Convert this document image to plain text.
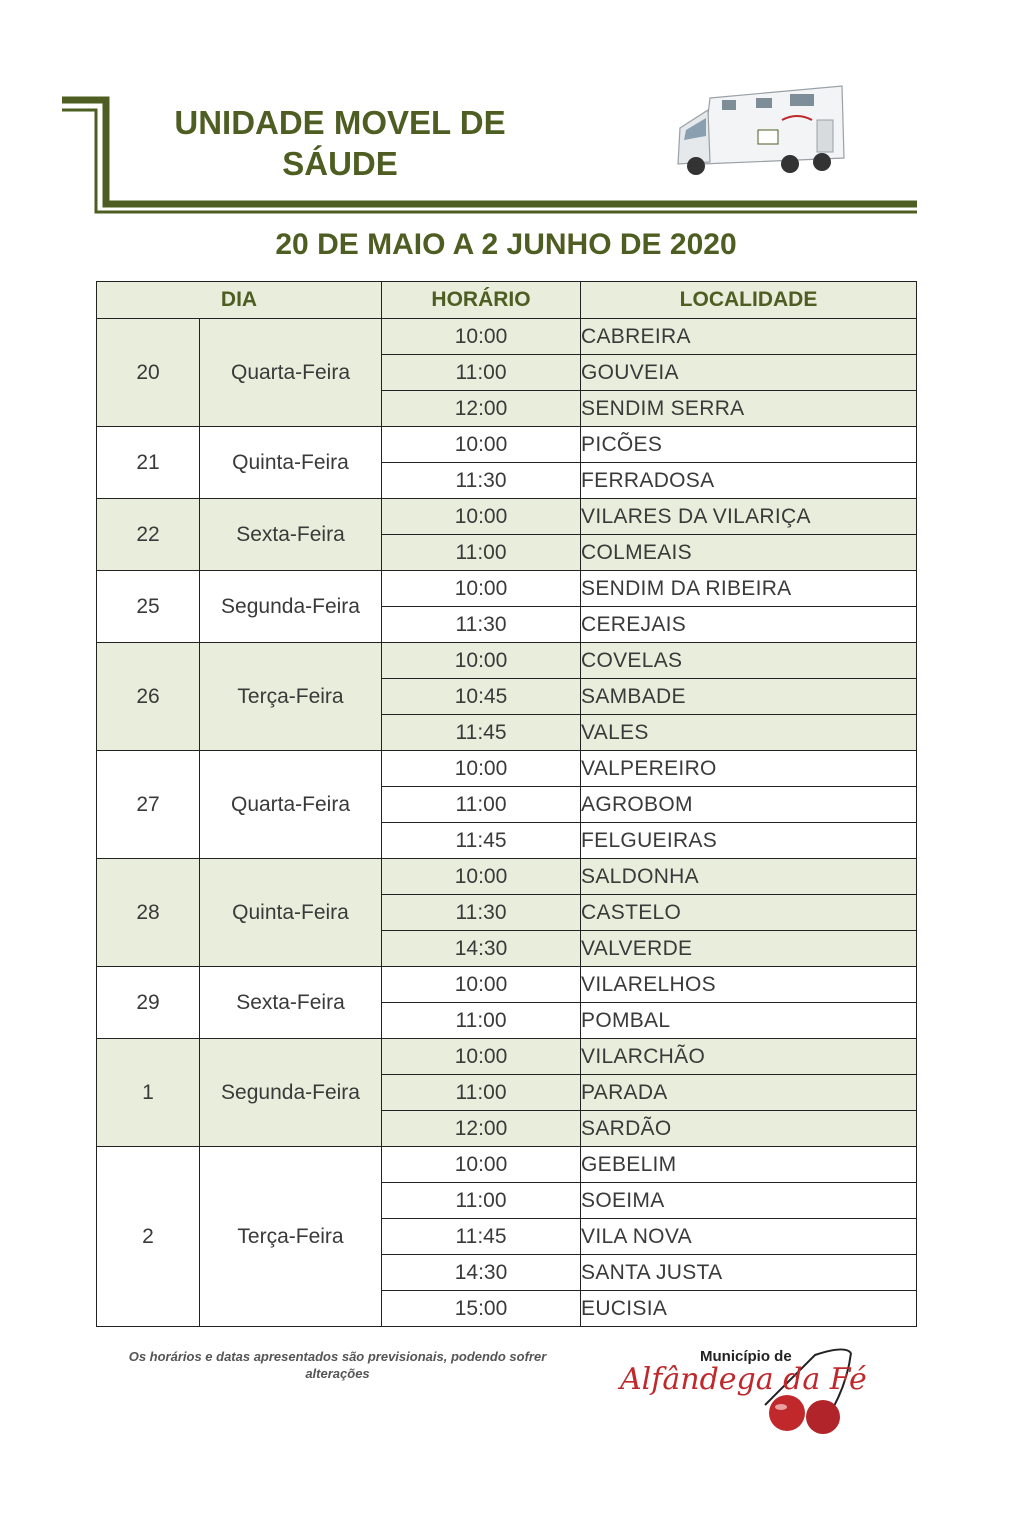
UNIDADE MOVEL DE
SÁUDE
20 DE MAIO A 2 JUNHO DE 2020
DIA		HORÁRIO	LOCALIDADE
20	Quarta-Feira	10:00	CABREIRA
		11:00	GOUVEIA
		12:00	SENDIM SERRA
21	Quinta-Feira	10:00	PICÕES
		11:30	FERRADOSA
22	Sexta-Feira	10:00	VILARES DA VILARIÇA
		11:00	COLMEAIS
25	Segunda-Feira	10:00	SENDIM DA RIBEIRA
		11:30	CEREJAIS
26	Terça-Feira	10:00	COVELAS
		10:45	SAMBADE
		11:45	VALES
27	Quarta-Feira	10:00	VALPEREIRO
		11:00	AGROBOM
		11:45	FELGUEIRAS
28	Quinta-Feira	10:00	SALDONHA
		11:30	CASTELO
		14:30	VALVERDE
29	Sexta-Feira	10:00	VILARELHOS
		11:00	POMBAL
1	Segunda-Feira	10:00	VILARCHÃO
		11:00	PARADA
		12:00	SARDÃO
2	Terça-Feira	10:00	GEBELIM
		11:00	SOEIMA
		11:45	VILA NOVA
		14:30	SANTA JUSTA
		15:00	EUCISIA
Os horários e datas apresentados são previsionais, podendo sofrer alterações
Município de
Alfândega da Fé
